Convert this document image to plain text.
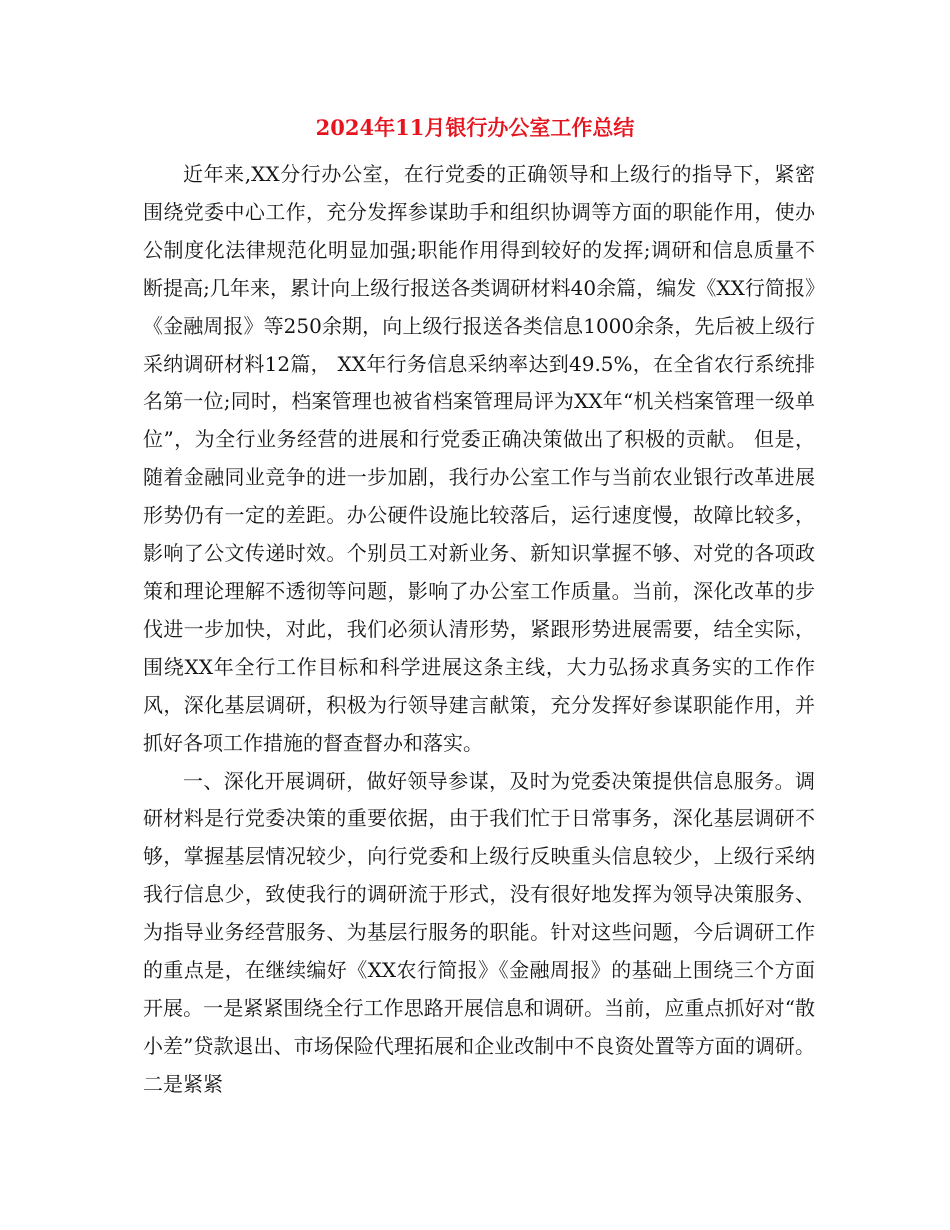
2024年11月银行办公室工作总结

近年来,XX分行办公室，在行党委的正确领导和上级行的指导下，紧密围绕党委中心工作，充分发挥参谋助手和组织协调等方面的职能作用，使办公制度化法律规范化明显加强;职能作用得到较好的发挥;调研和信息质量不断提高;几年来，累计向上级行报送各类调研材料40余篇，编发《XX行简报》《金融周报》等250余期，向上级行报送各类信息1000余条，先后被上级行采纳调研材料12篇， XX年行务信息采纳率达到49.5%，在全省农行系统排名第一位;同时，档案管理也被省档案管理局评为XX年“机关档案管理一级单位”，为全行业务经营的进展和行党委正确决策做出了积极的贡献。 但是，随着金融同业竞争的进一步加剧，我行办公室工作与当前农业银行改革进展形势仍有一定的差距。办公硬件设施比较落后，运行速度慢，故障比较多，影响了公文传递时效。个别员工对新业务、新知识掌握不够、对党的各项政策和理论理解不透彻等问题，影响了办公室工作质量。当前，深化改革的步伐进一步加快，对此，我们必须认清形势，紧跟形势进展需要，结全实际，围绕XX年全行工作目标和科学进展这条主线，大力弘扬求真务实的工作作风，深化基层调研，积极为行领导建言献策，充分发挥好参谋职能作用，并抓好各项工作措施的督查督办和落实。

一、深化开展调研，做好领导参谋，及时为党委决策提供信息服务。调研材料是行党委决策的重要依据，由于我们忙于日常事务，深化基层调研不够，掌握基层情况较少，向行党委和上级行反映重头信息较少，上级行采纳我行信息少，致使我行的调研流于形式，没有很好地发挥为领导决策服务、为指导业务经营服务、为基层行服务的职能。针对这些问题，今后调研工作的重点是，在继续编好《XX农行简报》《金融周报》的基础上围绕三个方面开展。一是紧紧围绕全行工作思路开展信息和调研。当前，应重点抓好对“散小差”贷款退出、市场保险代理拓展和企业改制中不良资处置等方面的调研。二是紧紧
